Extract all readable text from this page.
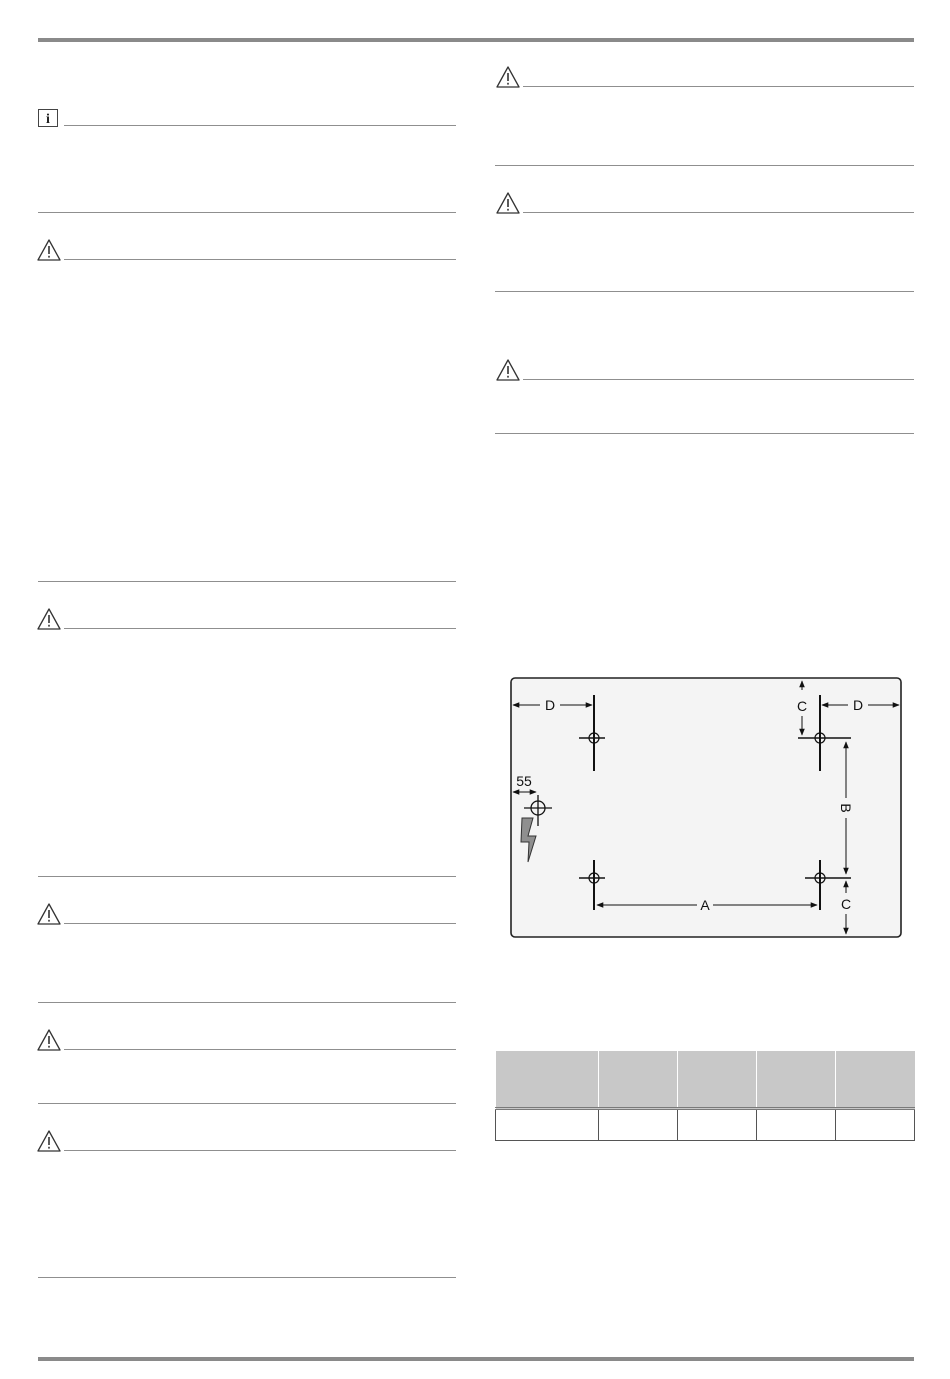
i
D	D
C
B
C
A
55
